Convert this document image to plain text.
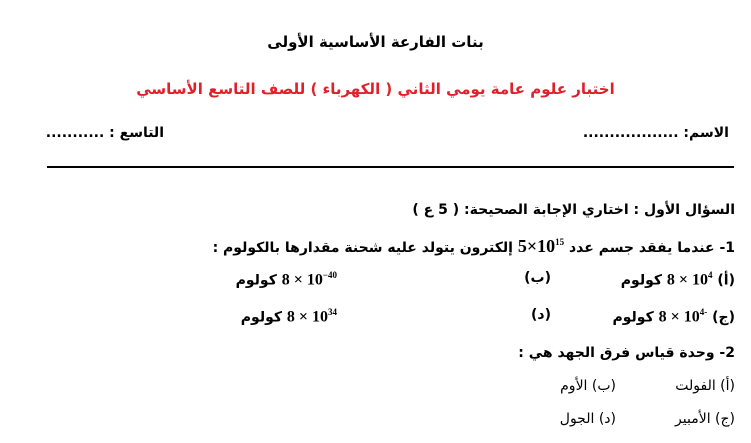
بنات الفارعة الأساسية الأولى
اختبار علوم عامة يومي الثاني ( الكهرباء ) للصف التاسع الأساسي
الاسم: ..................
التاسع : ...........
السؤال الأول : اختاري الإجابة الصحيحة: ( 5 ع )
1- عندما يفقد جسم عدد $5\times 10^{15}$ إلكترون يتولد عليه شحنة مقدارها بالكولوم :
(أ) $8 \times 10^4$ كولوم
(ب)
$8 \times 10^{-40}$ كولوم
(ج) $8 \times 10^{4-}$ كولوم
(د)
$8 \times 10^{34}$ كولوم
2- وحدة قياس فرق الجهد هي :
(أ) الفولت
(ب) الأوم
(ج) الأمبير
(د) الجول
